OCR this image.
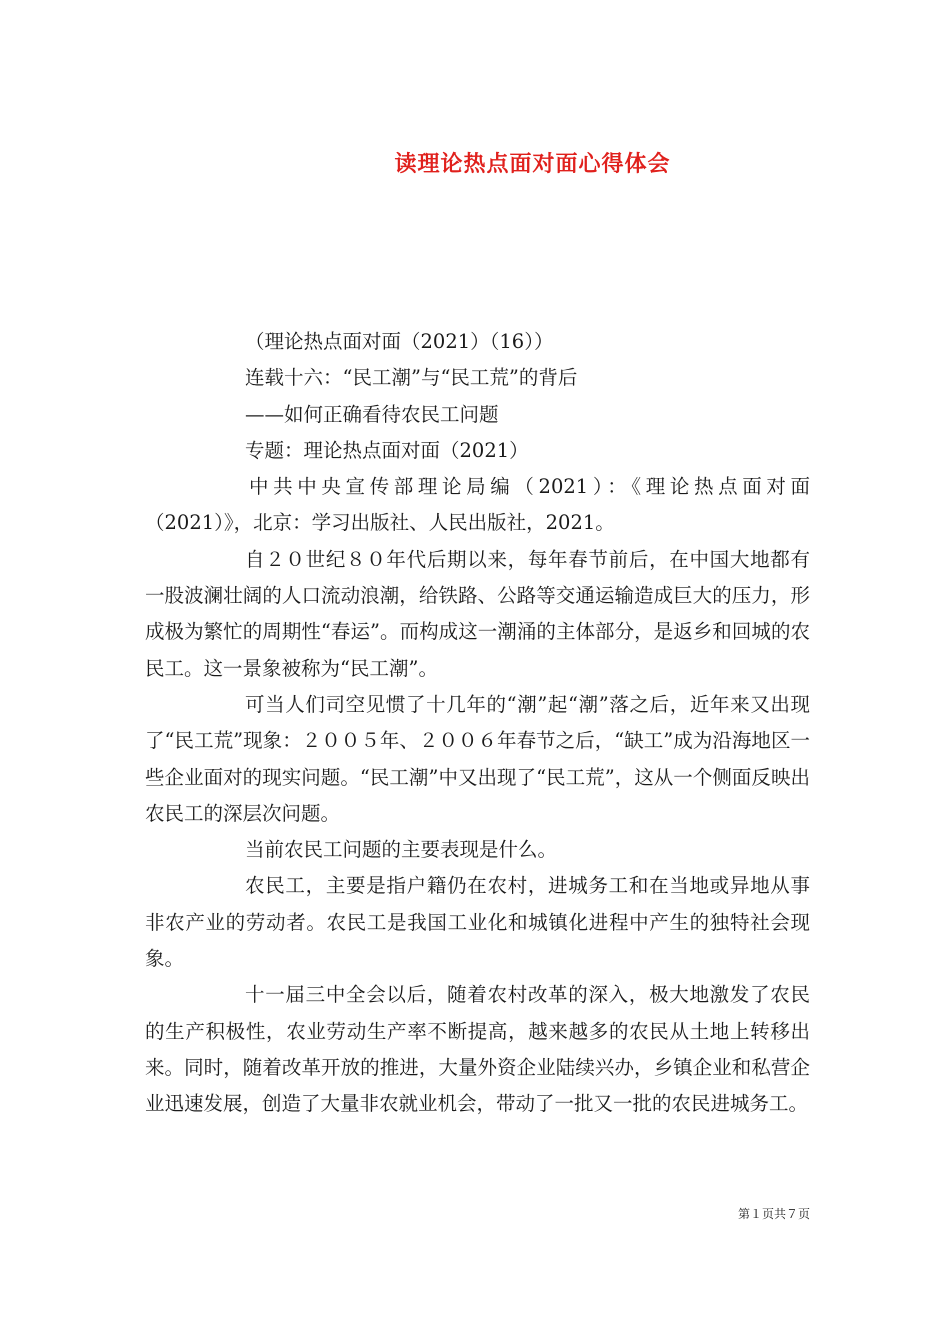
读理论热点面对面心得体会

（理论热点面对面（2021）（16））

连载十六：“民工潮”与“民工荒”的背后

——如何正确看待农民工问题

专题：理论热点面对面（2021）

中共中央宣传部理论局编（2021）：《理论热点面对面（2021）》，北京：学习出版社、人民出版社，2021。

自２０世纪８０年代后期以来，每年春节前后，在中国大地都有一股波澜壮阔的人口流动浪潮，给铁路、公路等交通运输造成巨大的压力，形成极为繁忙的周期性“春运”。而构成这一潮涌的主体部分，是返乡和回城的农民工。这一景象被称为“民工潮”。

可当人们司空见惯了十几年的“潮”起“潮”落之后，近年来又出现了“民工荒”现象：２００５年、２００６年春节之后，“缺工”成为沿海地区一些企业面对的现实问题。“民工潮”中又出现了“民工荒”，这从一个侧面反映出农民工的深层次问题。

当前农民工问题的主要表现是什么。

农民工，主要是指户籍仍在农村，进城务工和在当地或异地从事非农产业的劳动者。农民工是我国工业化和城镇化进程中产生的独特社会现象。

十一届三中全会以后，随着农村改革的深入，极大地激发了农民的生产积极性，农业劳动生产率不断提高，越来越多的农民从土地上转移出来。同时，随着改革开放的推进，大量外资企业陆续兴办，乡镇企业和私营企业迅速发展，创造了大量非农就业机会，带动了一批又一批的农民进城务工。

第１页共７页
